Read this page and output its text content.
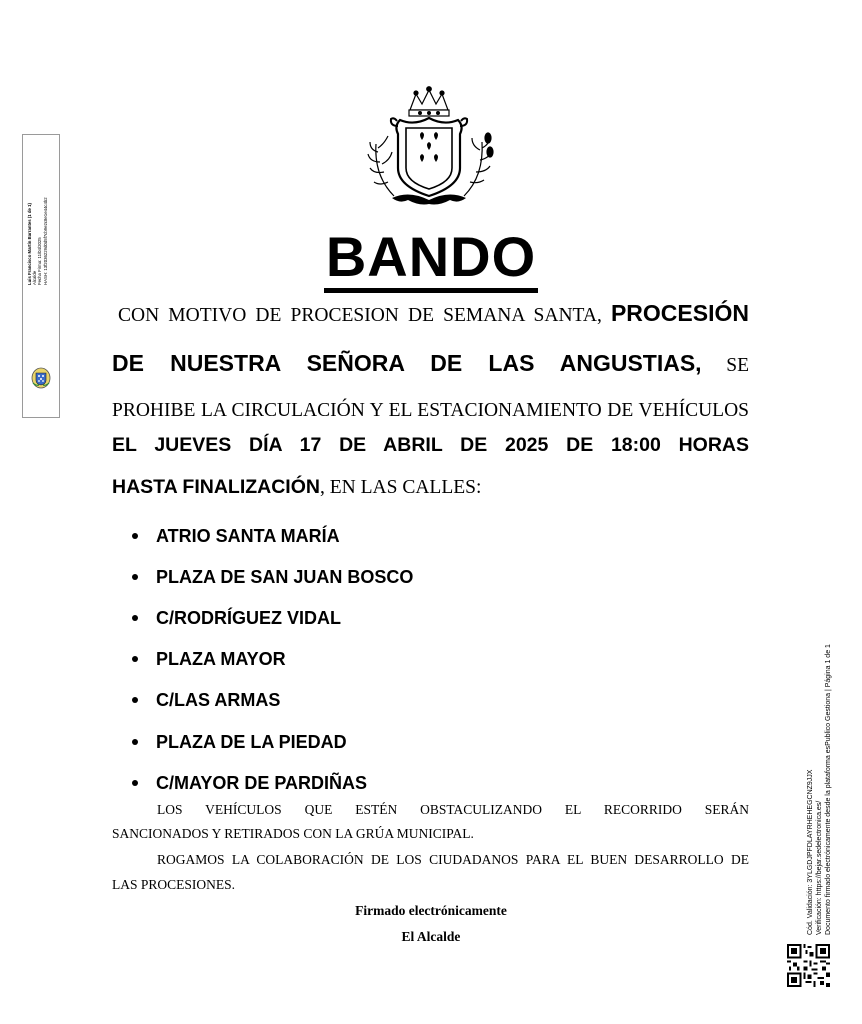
Luis Francisco Martín Barrantes (1 de 1) Alcalde Fecha Firma: 11/04/2025 HASH: 13f2036229d0d5f7cb9e2c8e1e44c4b2	BANDO
CON MOTIVO DE PROCESION DE SEMANA SANTA, PROCESIÓN
DE NUESTRA SEÑORA DE LAS ANGUSTIAS, SE
PROHIBE LA CIRCULACIÓN Y EL ESTACIONAMIENTO DE VEHÍCULOS
EL JUEVES DÍA 17 DE ABRIL DE 2025 DE 18:00 HORAS
HASTA FINALIZACIÓN, EN LAS CALLES:
ATRIO SANTA MARÍA
PLAZA DE SAN JUAN BOSCO
C/RODRÍGUEZ VIDAL
PLAZA MAYOR
C/LAS ARMAS
PLAZA DE LA PIEDAD
C/MAYOR DE PARDIÑAS
LOS VEHÍCULOS QUE ESTÉN OBSTACULIZANDO EL RECORRIDO SERÁN
SANCIONADOS Y RETIRADOS CON LA GRÚA MUNICIPAL.
ROGAMOS LA COLABORACIÓN DE LOS CIUDADANOS PARA EL BUEN DESARROLLO DE
LAS PROCESIONES.
Firmado electrónicamente
El Alcalde
Cód. Validación: 3YLGDJPFDLAYRHEHEGCNZ9JJX Verificación: https://bejar.sedelectronica.es/ Documento firmado electrónicamente desde la plataforma esPublico Gestiona | Página 1 de 1
